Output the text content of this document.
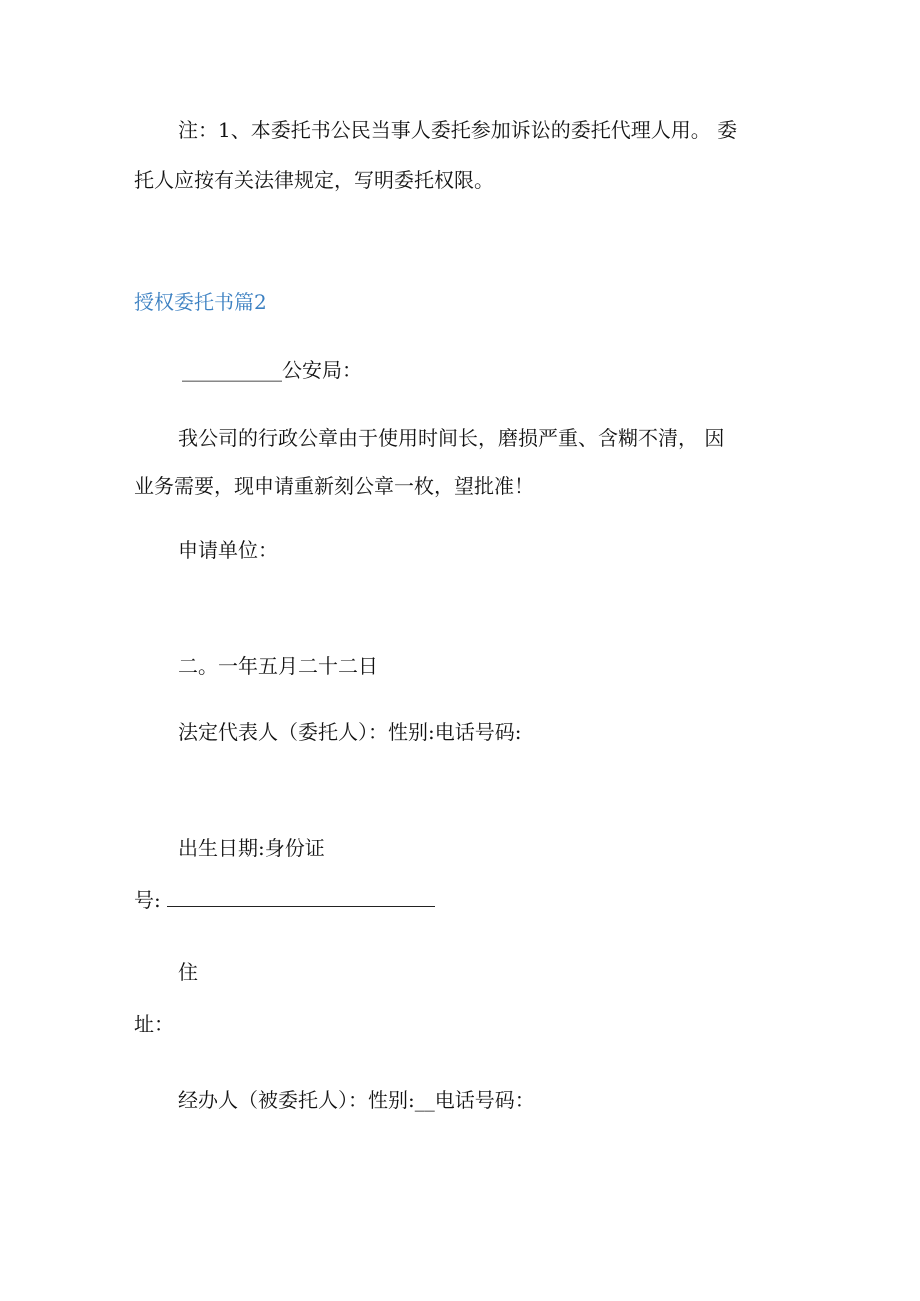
注：1、本委托书公民当事人委托参加诉讼的委托代理人用。 委
托人应按有关法律规定，写明委托权限。
授权委托书篇2
__________公安局：
我公司的行政公章由于使用时间长，磨损严重、含糊不清， 因
业务需要，现申请重新刻公章一枚，望批准！
申请单位：
二。一年五月二十二日
法定代表人（委托人）：性别:电话号码:
出生日期:身份证
号:
住
址：
经办人（被委托人）：性别:__电话号码：
